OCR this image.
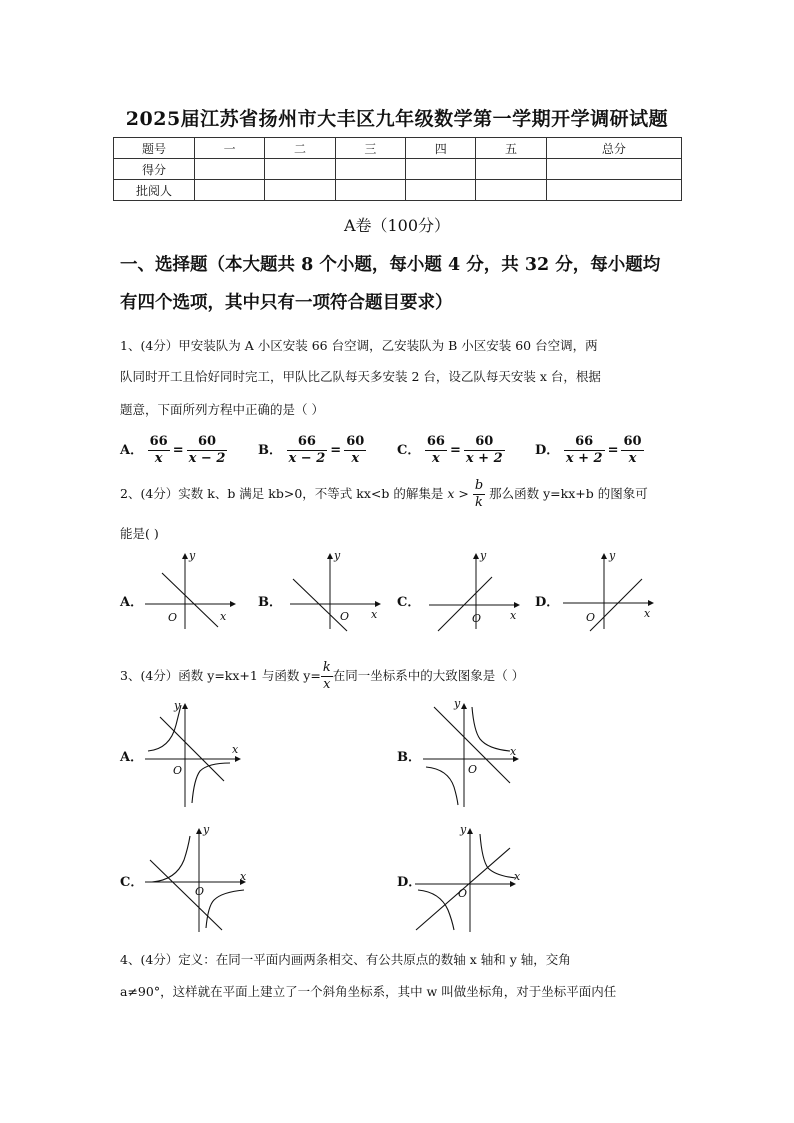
2025届江苏省扬州市大丰区九年级数学第一学期开学调研试题
题号	一	二	三	四	五	总分
得分						
批阅人						
A卷（100分）
一、选择题（本大题共 8 个小题，每小题 4 分，共 32 分，每小题均
有四个选项，其中只有一项符合题目要求）
1、(4分）甲安装队为 A 小区安装 66 台空调，乙安装队为 B 小区安装 60 台空调，两
队同时开工且恰好同时完工，甲队比乙队每天多安装 2 台，设乙队每天安装 x 台，根据
题意，下面所列方程中正确的是（ ）
A． $\frac{66}{x} = \frac{60}{x - 2}$ B． $\frac{66}{x - 2} = \frac{60}{x}$ C． $\frac{66}{x} = \frac{60}{x + 2}$ D． $\frac{66}{x + 2} = \frac{60}{x}$
2、(4分）实数 k、b 满足 kb>0，不等式 kx<b 的解集是 $x > \frac{b}{k}$ 那么函数 y=kx+b 的图象可
能是( )
A．	B．	C．	D．
y
x
O
y
x
O
y
x
O
y
x
O
3、(4分）函数 y=kx+1 与函数 $y= \frac{k}{x}$ 在同一坐标系中的大致图象是（ ）
A．	B．
C．	D．
y
x
O
y
x
O
y
x
O
y
x
O
4、(4分）定义：在同一平面内画两条相交、有公共原点的数轴 x 轴和 y 轴，交角
a≠90°，这样就在平面上建立了一个斜角坐标系，其中 w 叫做坐标角，对于坐标平面内任
